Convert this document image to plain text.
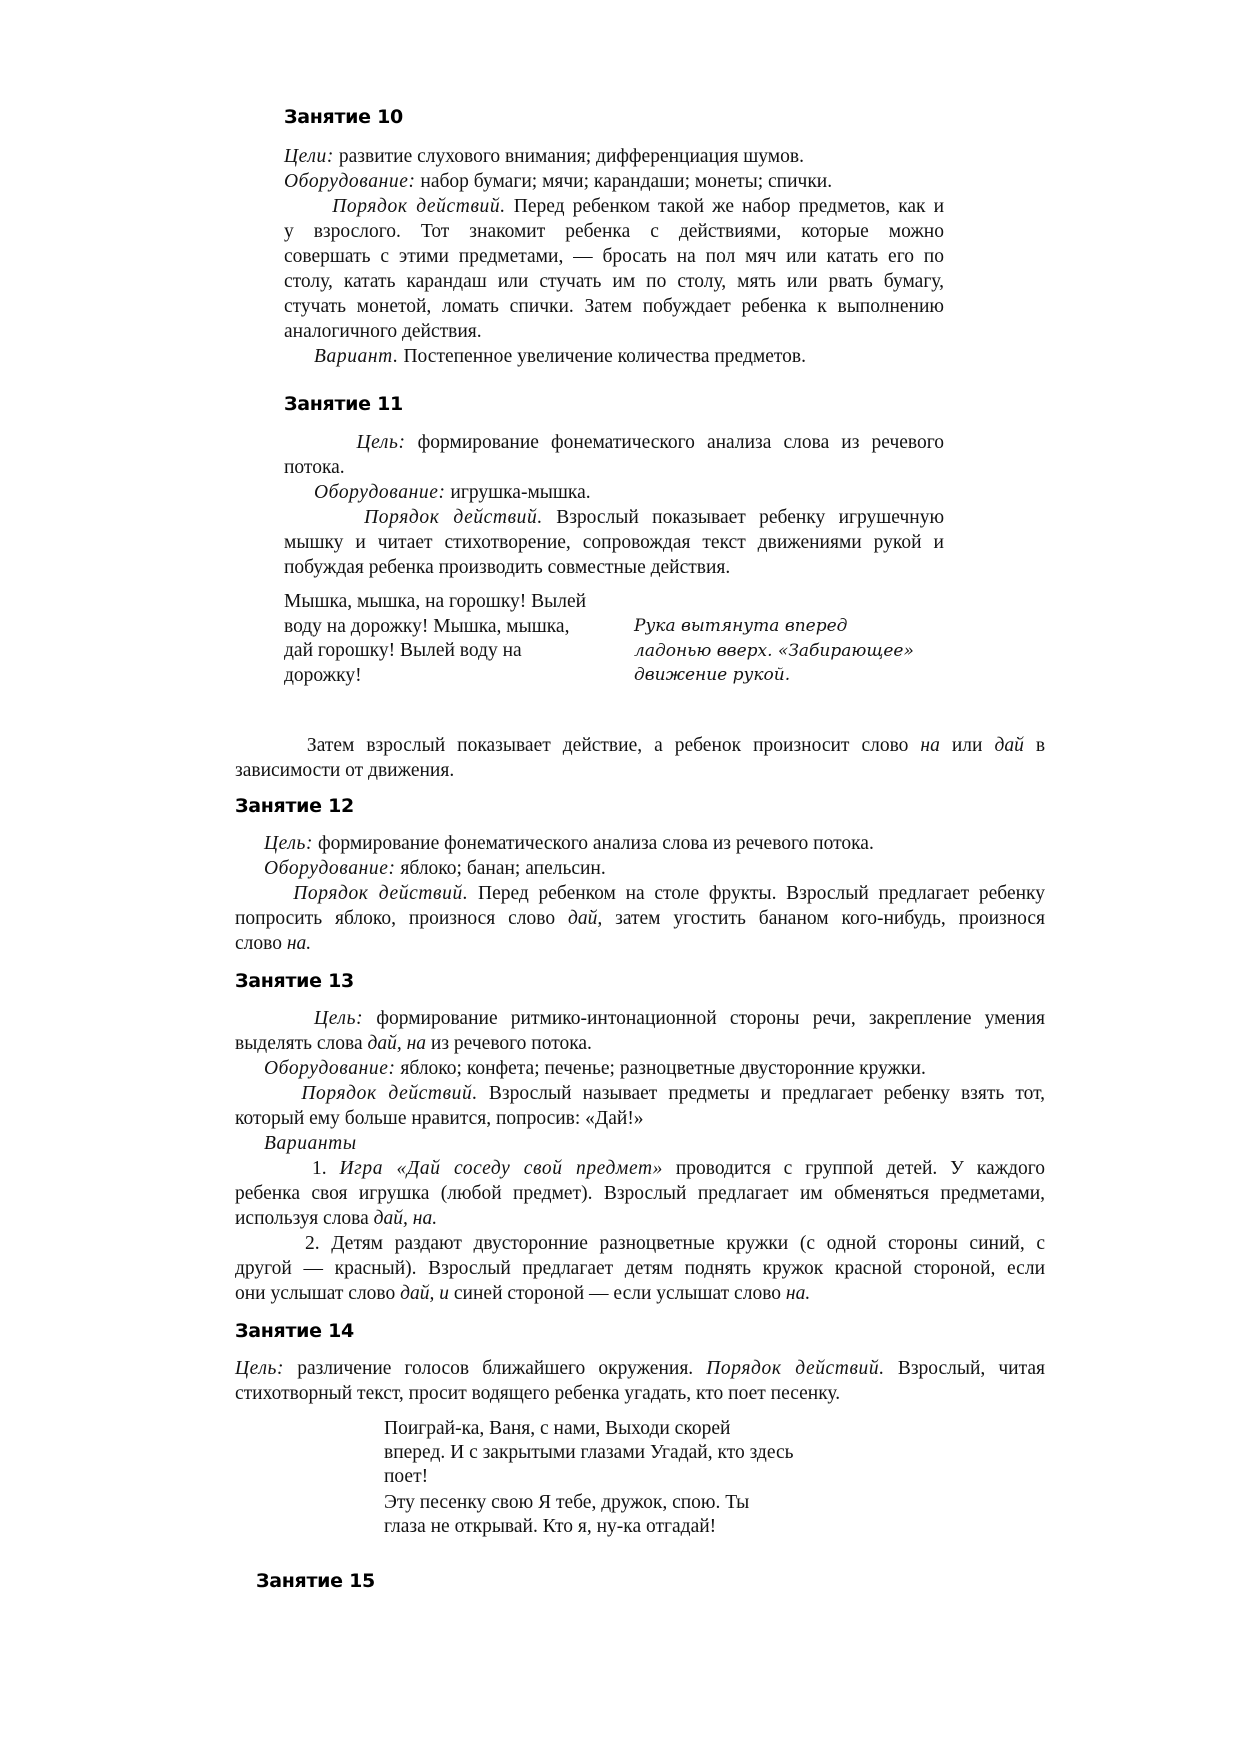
Занятие 10
Цели: развитие слухового внимания; дифференциация шумов.
Оборудование: набор бумаги; мячи; карандаши; монеты; спички.
Порядок действий. Перед ребенком такой же набор предметов, как и
у взрослого. Тот знакомит ребенка с действиями, которые можно
совершать с этими предметами, — бросать на пол мяч или катать его по
столу, катать карандаш или стучать им по столу, мять или рвать бумагу,
стучать монетой, ломать спички. Затем побуждает ребенка к выполнению
аналогичного действия.
Вариант. Постепенное увеличение количества предметов.
Занятие 11
Цель: формирование фонематического анализа слова из речевого
потока.
Оборудование: игрушка-мышка.
Порядок действий. Взрослый показывает ребенку игрушечную
мышку и читает стихотворение, сопровождая текст движениями рукой и
побуждая ребенка производить совместные действия.
Мышка, мышка, на горошку! Вылей
воду на дорожку! Мышка, мышка,
дай горошку! Вылей воду на
дорожку!
Рука вытянута вперед
ладонью вверх. «Забирающее»
движение рукой.
Затем взрослый показывает действие, а ребенок произносит слово на или дай в
зависимости от движения.
Занятие 12
Цель: формирование фонематического анализа слова из речевого потока.
Оборудование: яблоко; банан; апельсин.
Порядок действий. Перед ребенком на столе фрукты. Взрослый предлагает ребенку
попросить яблоко, произнося слово дай, затем угостить бананом кого-нибудь, произнося
слово на.
Занятие 13
Цель: формирование ритмико-интонационной стороны речи, закрепление умения
выделять слова дай, на из речевого потока.
Оборудование: яблоко; конфета; печенье; разноцветные двусторонние кружки.
Порядок действий. Взрослый называет предметы и предлагает ребенку взять тот,
который ему больше нравится, попросив: «Дай!»
Варианты
1. Игра «Дай соседу свой предмет» проводится с группой детей. У каждого
ребенка своя игрушка (любой предмет). Взрослый предлагает им обменяться предметами,
используя слова дай, на.
2. Детям раздают двусторонние разноцветные кружки (с одной стороны синий, с
другой — красный). Взрослый предлагает детям поднять кружок красной стороной, если
они услышат слово дай, и синей стороной — если услышат слово на.
Занятие 14
Цель: различение голосов ближайшего окружения. Порядок действий. Взрослый, читая
стихотворный текст, просит водящего ребенка угадать, кто поет песенку.
Поиграй-ка, Ваня, с нами, Выходи скорей
вперед. И с закрытыми глазами Угадай, кто здесь
поет!
Эту песенку свою Я тебе, дружок, спою. Ты
глаза не открывай. Кто я, ну-ка отгадай!
Занятие 15
